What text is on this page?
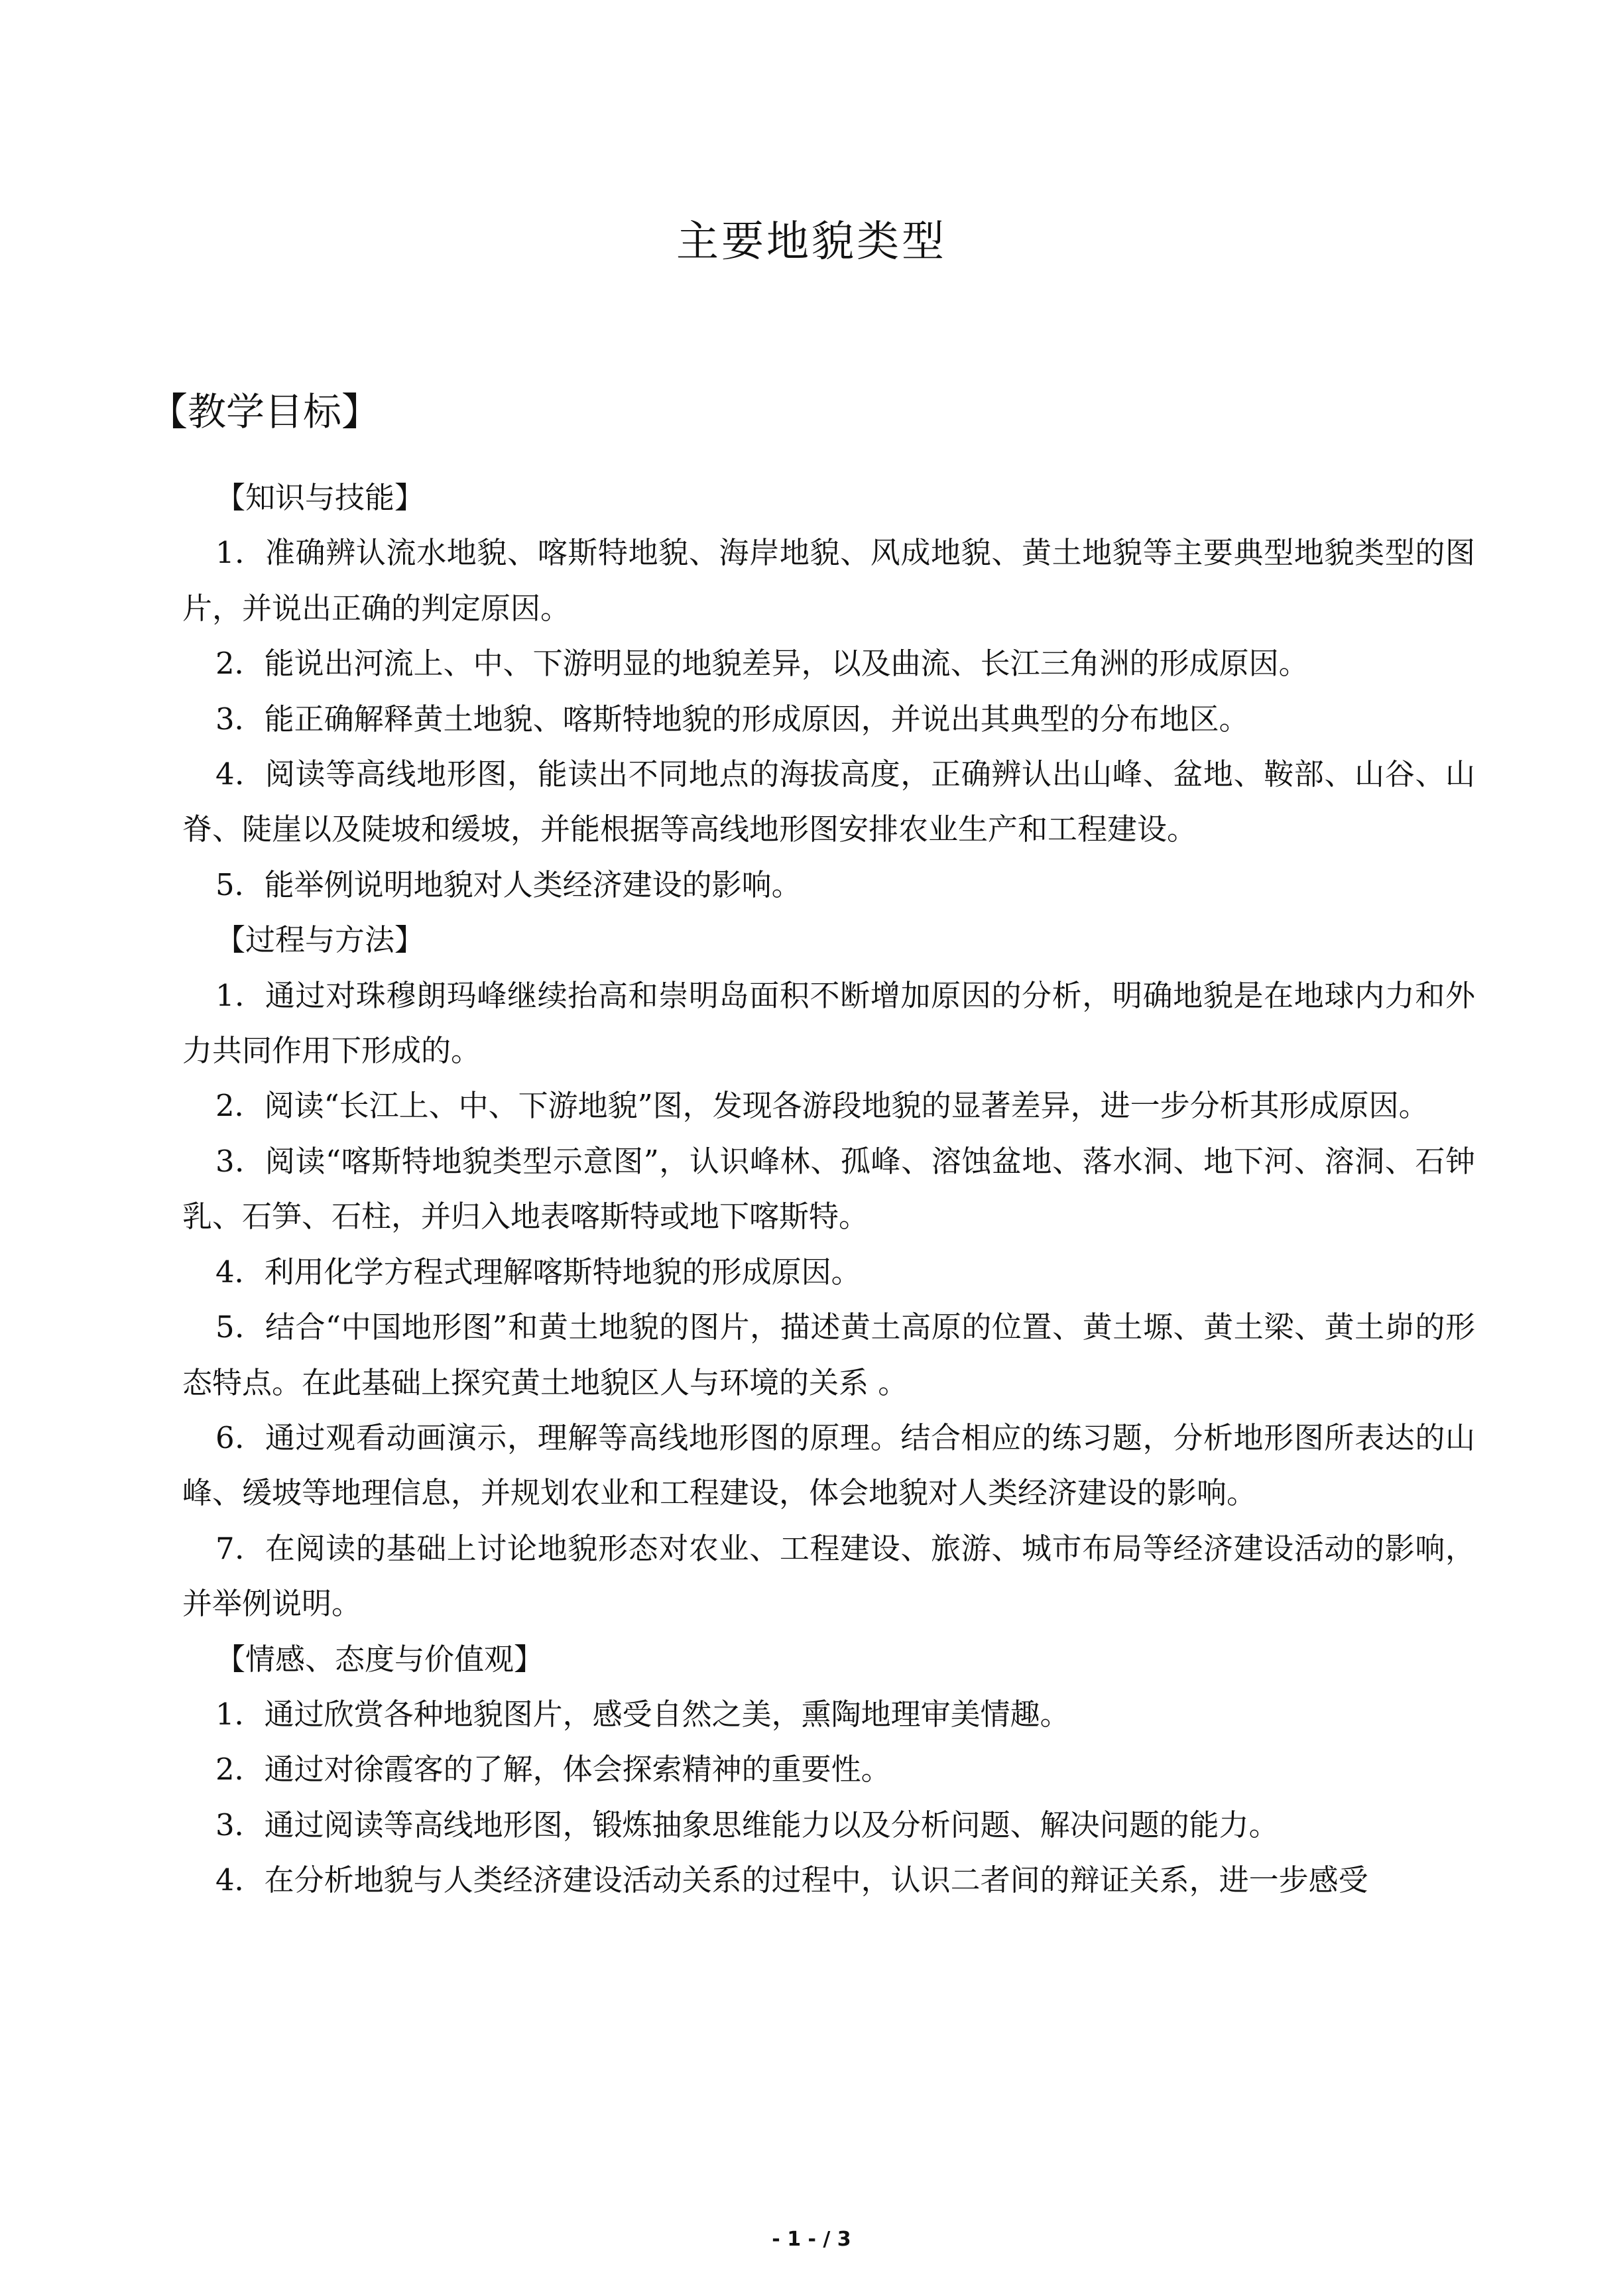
主要地貌类型
【教学目标】

【知识与技能】

1．准确辨认流水地貌、喀斯特地貌、海岸地貌、风成地貌、黄土地貌等主要典型地貌类型的图片，并说出正确的判定原因。

2．能说出河流上、中、下游明显的地貌差异，以及曲流、长江三角洲的形成原因。

3．能正确解释黄土地貌、喀斯特地貌的形成原因，并说出其典型的分布地区。

4．阅读等高线地形图，能读出不同地点的海拔高度，正确辨认出山峰、盆地、鞍部、山谷、山脊、陡崖以及陡坡和缓坡，并能根据等高线地形图安排农业生产和工程建设。

5．能举例说明地貌对人类经济建设的影响。

【过程与方法】

1．通过对珠穆朗玛峰继续抬高和崇明岛面积不断增加原因的分析，明确地貌是在地球内力和外力共同作用下形成的。

2．阅读“长江上、中、下游地貌”图，发现各游段地貌的显著差异，进一步分析其形成原因。

3．阅读“喀斯特地貌类型示意图”，认识峰林、孤峰、溶蚀盆地、落水洞、地下河、溶洞、石钟乳、石笋、石柱，并归入地表喀斯特或地下喀斯特。

4．利用化学方程式理解喀斯特地貌的形成原因。

5．结合“中国地形图”和黄土地貌的图片，描述黄土高原的位置、黄土塬、黄土梁、黄土峁的形态特点。在此基础上探究黄土地貌区人与环境的关系 。

6．通过观看动画演示，理解等高线地形图的原理。结合相应的练习题，分析地形图所表达的山峰、缓坡等地理信息，并规划农业和工程建设，体会地貌对人类经济建设的影响。

7．在阅读的基础上讨论地貌形态对农业、工程建设、旅游、城市布局等经济建设活动的影响，并举例说明。

【情感、态度与价值观】

1．通过欣赏各种地貌图片，感受自然之美，熏陶地理审美情趣。

2．通过对徐霞客的了解，体会探索精神的重要性。

3．通过阅读等高线地形图，锻炼抽象思维能力以及分析问题、解决问题的能力。

4．在分析地貌与人类经济建设活动关系的过程中，认识二者间的辩证关系，进一步感受

- 1 - / 3
